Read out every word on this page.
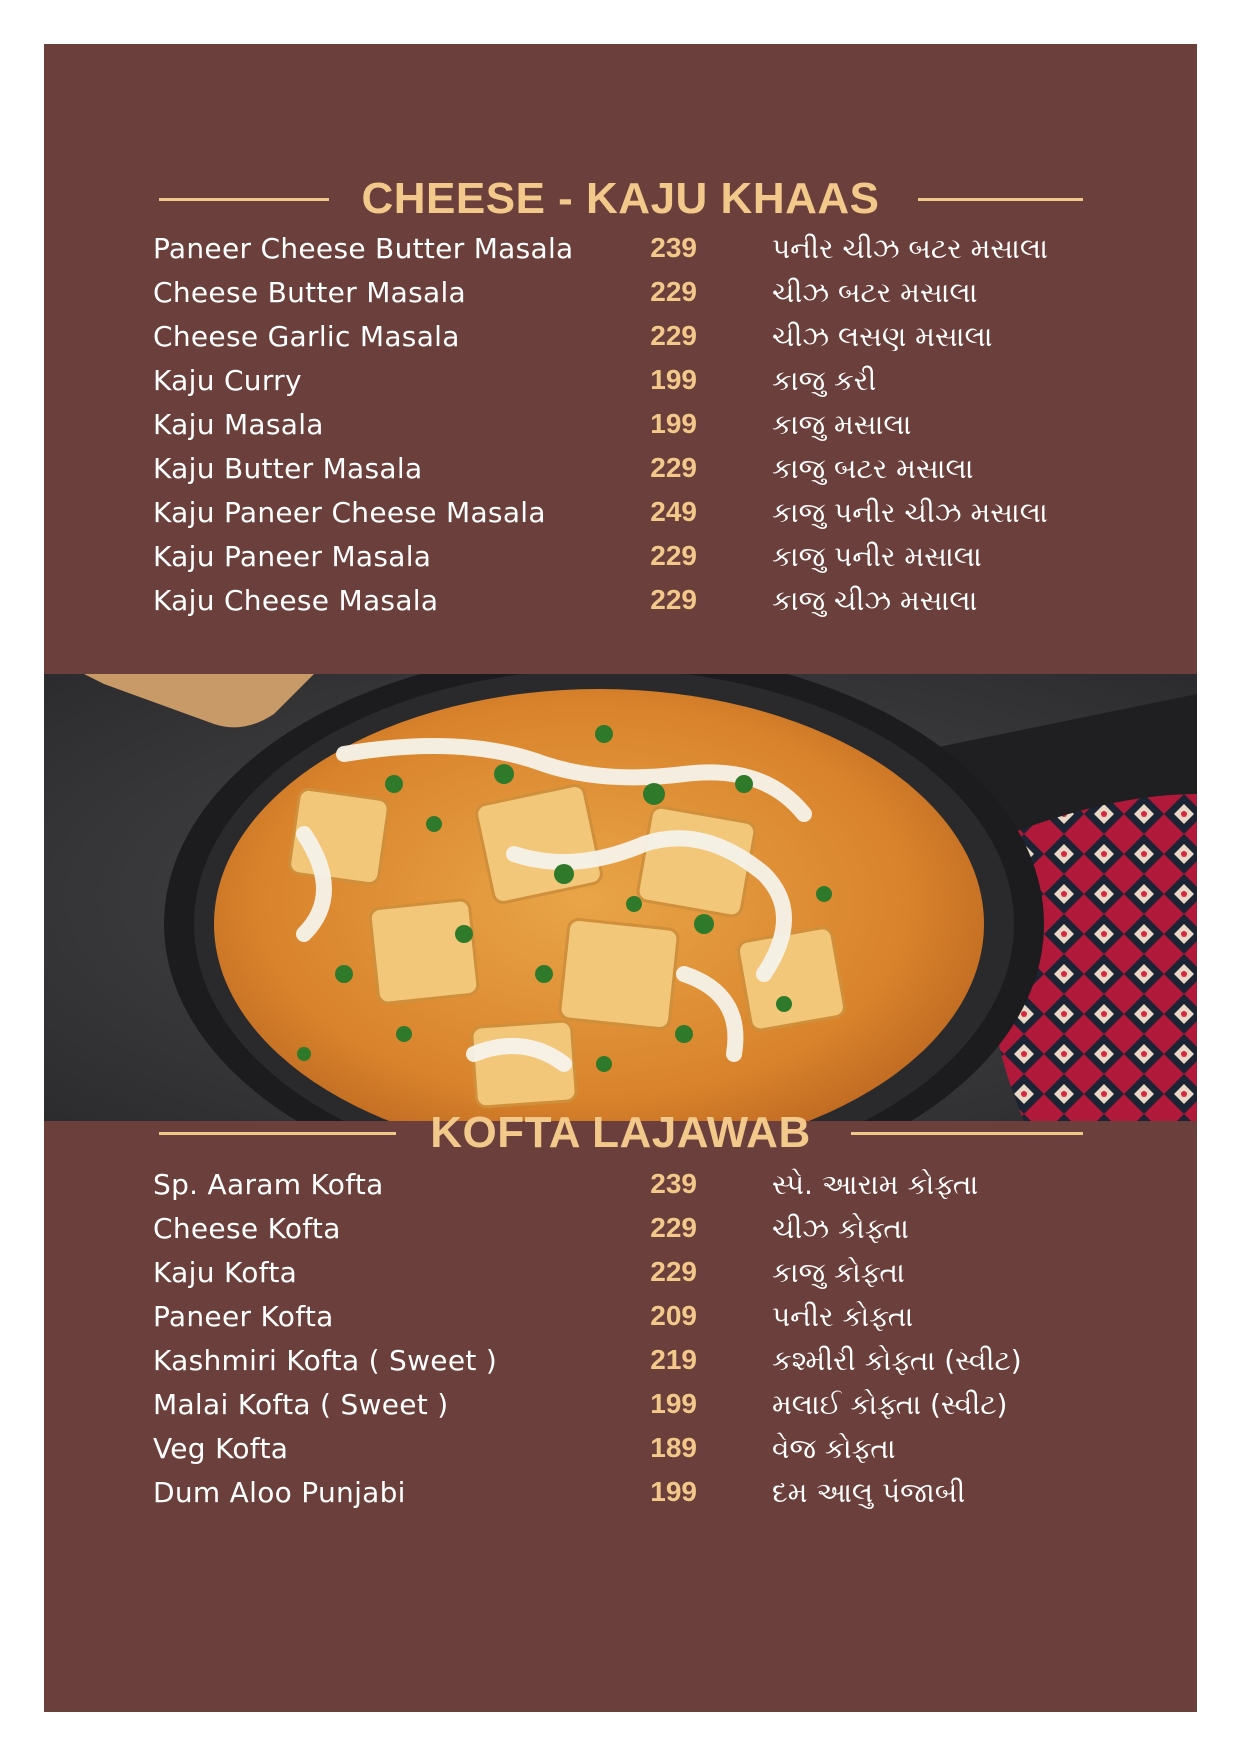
CHEESE - KAJU KHAAS
Paneer Cheese Butter Masala	239	પનીર ચીઝ બટર મસાલા
Cheese Butter Masala	229	ચીઝ બટર મસાલા
Cheese Garlic Masala	229	ચીઝ લસણ મસાલા
Kaju Curry	199	કાજુ કરી
Kaju Masala	199	કાજુ મસાલા
Kaju Butter Masala	229	કાજુ બટર મસાલા
Kaju Paneer Cheese Masala	249	કાજુ પનીર ચીઝ મસાલા
Kaju Paneer Masala	229	કાજુ પનીર મસાલા
Kaju Cheese Masala	229	કાજુ ચીઝ મસાલા
KOFTA LAJAWAB
Sp. Aaram Kofta	239	સ્પે. આરામ કોફ્તા
Cheese Kofta	229	ચીઝ કોફ્તા
Kaju Kofta	229	કાજુ કોફ્તા
Paneer Kofta	209	પનીર કોફ્તા
Kashmiri Kofta ( Sweet )	219	કશ્મીરી કોફ્તા (સ્વીટ)
Malai Kofta ( Sweet )	199	મલાઈ કોફ્તા (સ્વીટ)
Veg Kofta	189	વેજ કોફ્તા
Dum Aloo Punjabi	199	દમ આલુ પંજાબી
